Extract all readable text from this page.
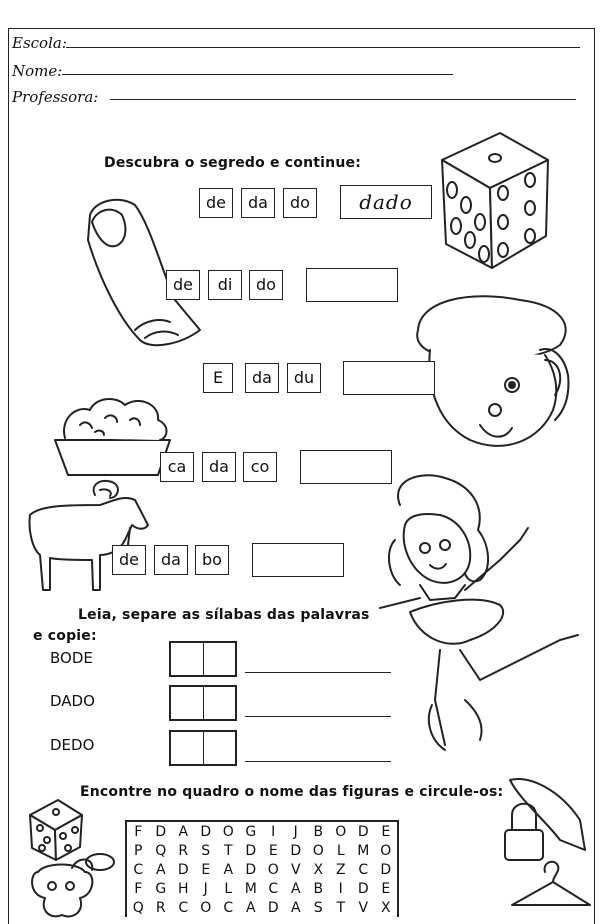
Escola:
Nome:
Professora:
Descubra o segredo e continue:
de	da	do	dado
de	di	do
E	da	du
ca	da	co
de	da	bo
Leia, separe as sílabas das palavras
e copie:
BODE
DADO
DEDO
Encontre no quadro o nome das figuras e circule-os:
F	D	A	D	O	G	I	J	B	O	D	E
P	Q	R	S	T	D	E	D	O	L	M	O
C	A	D	E	A	D	O	V	X	Z	C	D
F	G	H	J	L	M	C	A	B	I	D	E
Q	R	C	O	C	A	D	A	S	T	V	X
